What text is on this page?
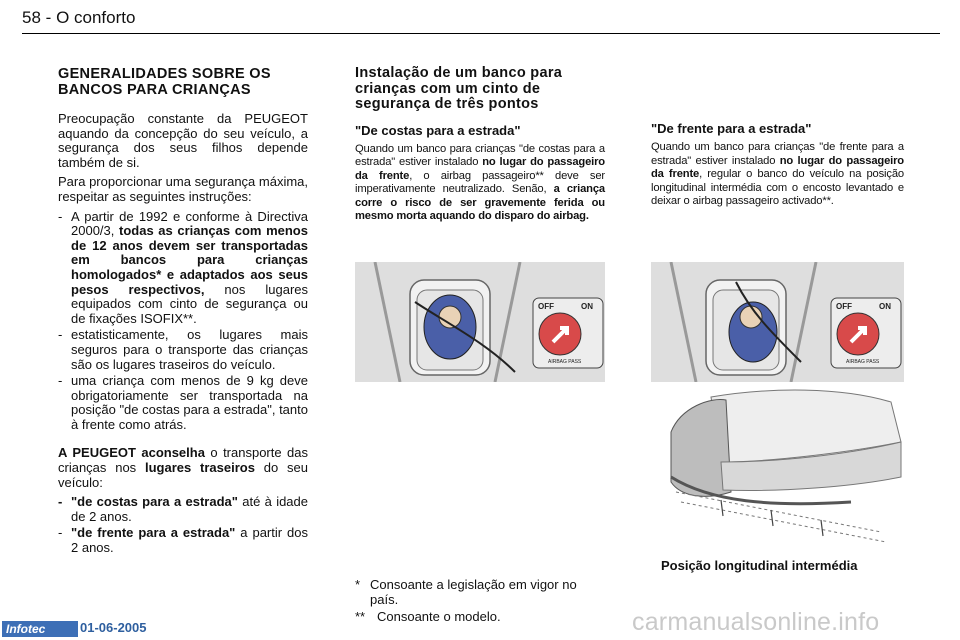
58 - O conforto
GENERALIDADES SOBRE OS BANCOS PARA CRIANÇAS

Preocupação constante da PEUGEOT aquando da concepção do seu veículo, a segurança dos seus filhos depende também de si.

Para proporcionar uma segurança máxima, respeitar as seguintes instruções:

- A partir de 1992 e conforme à Directiva 2000/3, todas as crianças com menos de 12 anos devem ser transportadas em bancos para crianças homologados* e adaptados aos seus pesos respectivos, nos lugares equipados com cinto de segurança ou de fixações ISOFIX**.
- estatisticamente, os lugares mais seguros para o transporte das crianças são os lugares traseiros do veículo.
- uma criança com menos de 9 kg deve obrigatoriamente ser transportada na posição "de costas para a estrada", tanto à frente como atrás.

A PEUGEOT aconselha o transporte das crianças nos lugares traseiros do seu veículo:

- "de costas para a estrada" até à idade de 2 anos.
- "de frente para a estrada" a partir dos 2 anos.
Instalação de um banco para crianças com um cinto de segurança de três pontos
"De costas para a estrada"
Quando um banco para crianças "de costas para a estrada" estiver instalado no lugar do passageiro da frente, o airbag passageiro** deve ser imperativamente neutralizado. Senão, a criança corre o risco de ser gravemente ferida ou mesmo morta aquando do disparo do airbag.
"De frente para a estrada"
Quando um banco para crianças "de frente para a estrada" estiver instalado no lugar do passageiro da frente, regular o banco do veículo na posição longitudinal intermédia com o encosto levantado e deixar o airbag passageiro activado**.
OFF	ON
AIRBAG PASS
OFF	ON
AIRBAG PASS
Posição longitudinal intermédia
* Consoante a legislação em vigor no país.
** Consoante o modelo.
Infotec	01-06-2005	carmanualsonline.info
